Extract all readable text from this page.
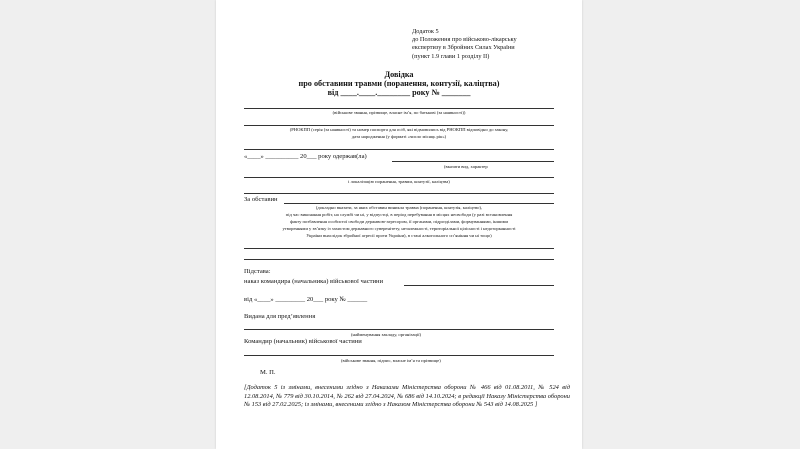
Додаток 5
до Положення про військово-лікарську
експертизу в Збройних Силах України
(пункт 1.9 глави 1 розділу II)
Довідка
про обставини травми (поранення, контузії, каліцтва)
від ____.____.________ року № _______
(військове звання, прізвище, власне ім’я, по батькові (за наявності))
(РНОКПП (серія (за наявності) та номер паспорта для осіб, які відмовились від РНОКПП відповідно до закону,
дата народження (у форматі «число місяць рік»)
«____» __________ 20___ року одержав(ла)
(вказати вид, характер
і локалізацію поранення, травми, контузії, каліцтва)
За обставин
(докладно вказати, за яких обставин виникла травма (поранення, контузія, каліцтво),
під час виконання робіт, на службі чи ні, у відпустці, в період перебування в місцях несвободи (у разі встановлення
факту позбавлення особистої свободи державою-агресором, її органами, підрозділами, формуваннями, іншими
утвореннями у зв’язку із захистом державного суверенітету, незалежності, територіальної цілісності і недоторканності
України внаслідок збройної агресії проти України), в стані алкогольного сп’яніння чи ні тощо)
Підстава:
наказ командира (начальника) військової частини
від «____» _________ 20___ року № ______
Видана для пред’явлення
(найменування закладу, організації)
Командир (начальник) військової частини
(військове звання, підпис, власне ім’я та прізвище)
М. П.
[Додаток 5 із змінами, внесеними згідно з Наказами Міністерства оборони № 466 від 01.08.2011, № 524 від 12.08.2014, № 779 від 30.10.2014, № 262 від 27.04.2024, № 686 від 14.10.2024; в редакції Наказу Міністерства оборони № 153 від 27.02.2025; із змінами, внесеними згідно з Наказом Міністерства оборони № 543 від 14.08.2025 ]
